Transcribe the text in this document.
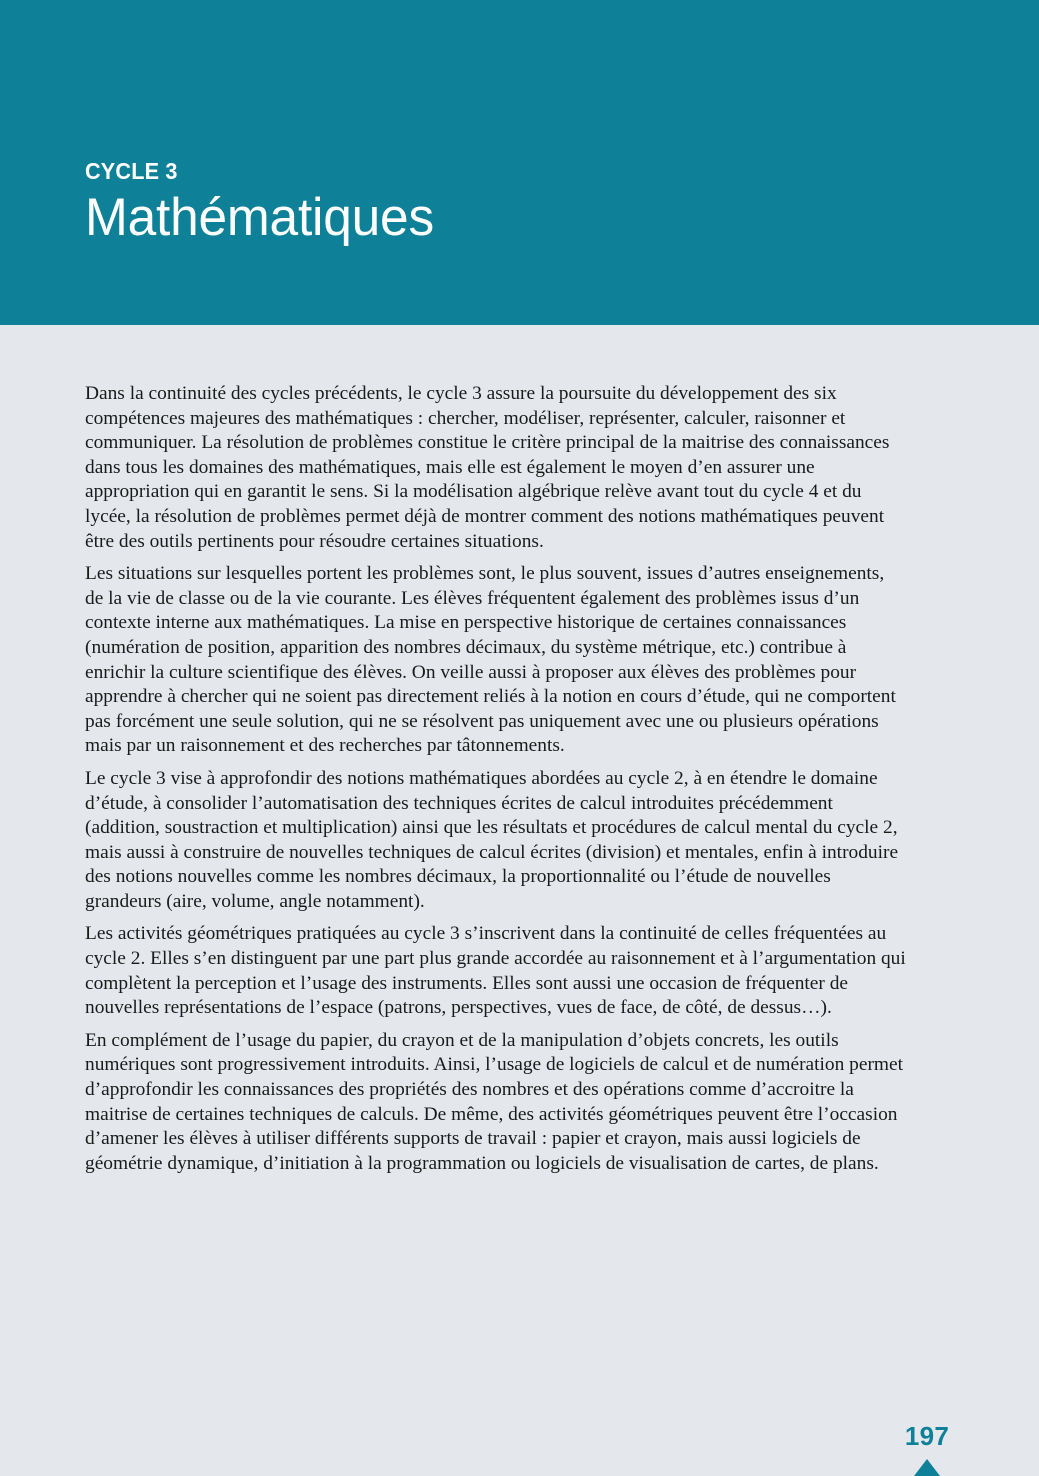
CYCLE 3
Mathématiques

Dans la continuité des cycles précédents, le cycle 3 assure la poursuite du développement des six compétences majeures des mathématiques : chercher, modéliser, représenter, calculer, raisonner et communiquer. La résolution de problèmes constitue le critère principal de la maitrise des connaissances dans tous les domaines des mathématiques, mais elle est également le moyen d’en assurer une appropriation qui en garantit le sens. Si la modélisation algébrique relève avant tout du cycle 4 et du lycée, la résolution de problèmes permet déjà de montrer comment des notions mathématiques peuvent être des outils pertinents pour résoudre certaines situations.

Les situations sur lesquelles portent les problèmes sont, le plus souvent, issues d’autres enseignements, de la vie de classe ou de la vie courante. Les élèves fréquentent également des problèmes issus d’un contexte interne aux mathématiques. La mise en perspective historique de certaines connaissances (numération de position, apparition des nombres décimaux, du système métrique, etc.) contribue à enrichir la culture scientifique des élèves. On veille aussi à proposer aux élèves des problèmes pour apprendre à chercher qui ne soient pas directement reliés à la notion en cours d’étude, qui ne comportent pas forcément une seule solution, qui ne se résolvent pas uniquement avec une ou plusieurs opérations mais par un raisonnement et des recherches par tâtonnements.

Le cycle 3 vise à approfondir des notions mathématiques abordées au cycle 2, à en étendre le domaine d’étude, à consolider l’automatisation des techniques écrites de calcul introduites précédemment (addition, soustraction et multiplication) ainsi que les résultats et procédures de calcul mental du cycle 2, mais aussi à construire de nouvelles techniques de calcul écrites (division) et mentales, enfin à introduire des notions nouvelles comme les nombres décimaux, la proportionnalité ou l’étude de nouvelles grandeurs (aire, volume, angle notamment).

Les activités géométriques pratiquées au cycle 3 s’inscrivent dans la continuité de celles fréquentées au cycle 2. Elles s’en distinguent par une part plus grande accordée au raisonnement et à l’argumentation qui complètent la perception et l’usage des instruments. Elles sont aussi une occasion de fréquenter de nouvelles représentations de l’espace (patrons, perspectives, vues de face, de côté, de dessus…).

En complément de l’usage du papier, du crayon et de la manipulation d’objets concrets, les outils numériques sont progressivement introduits. Ainsi, l’usage de logiciels de calcul et de numération permet d’approfondir les connaissances des propriétés des nombres et des opérations comme d’accroitre la maitrise de certaines techniques de calculs. De même, des activités géométriques peuvent être l’occasion d’amener les élèves à utiliser différents supports de travail : papier et crayon, mais aussi logiciels de géométrie dynamique, d’initiation à la programmation ou logiciels de visualisation de cartes, de plans.

197
